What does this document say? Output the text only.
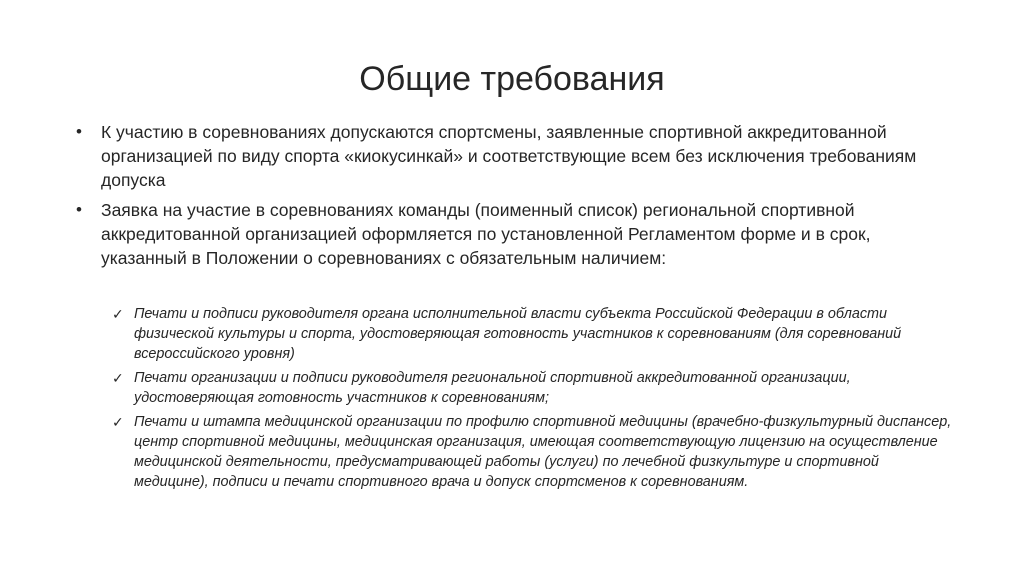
Общие требования
• К участию в соревнованиях допускаются спортсмены, заявленные спортивной аккредитованной организацией по виду спорта «киокусинкай» и соответствующие всем без исключения требованиям допуска
• Заявка на участие в соревнованиях команды (поименный список) региональной спортивной аккредитованной организацией оформляется по установленной Регламентом форме и в срок, указанный в Положении о соревнованиях с обязательным наличием:
✓ Печати и подписи руководителя органа исполнительной власти субъекта Российской Федерации в области физической культуры и спорта, удостоверяющая готовность участников к соревнованиям (для соревнований всероссийского уровня)
✓ Печати организации и подписи руководителя региональной спортивной аккредитованной организации, удостоверяющая готовность участников к соревнованиям;
✓ Печати и штампа медицинской организации по профилю спортивной медицины (врачебно-физкультурный диспансер, центр спортивной медицины, медицинская организация, имеющая соответствующую лицензию на осуществление медицинской деятельности, предусматривающей работы (услуги) по лечебной физкультуре и спортивной медицине), подписи и печати спортивного врача и допуск спортсменов к соревнованиям.
